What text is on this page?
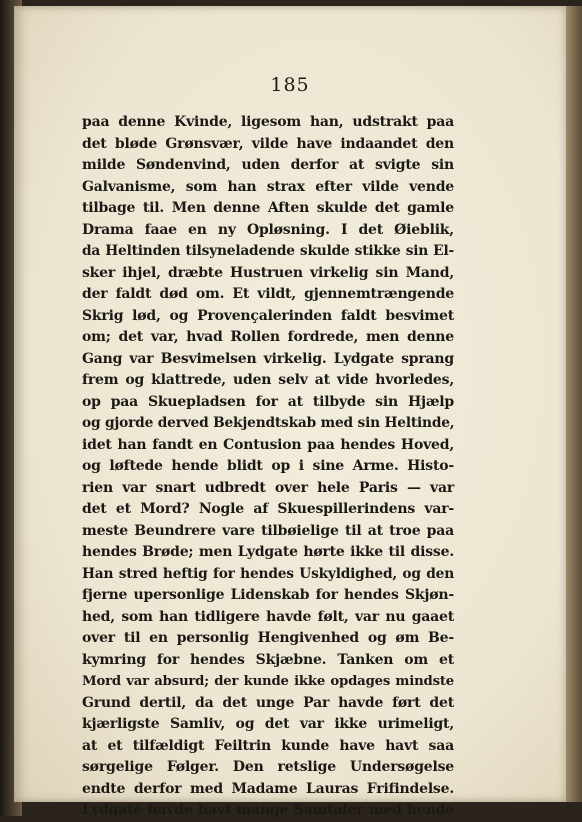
185
paa denne Kvinde, ligesom han, udstrakt paa
det bløde Grønsvær, vilde have indaandet den
milde Søndenvind, uden derfor at svigte sin
Galvanisme, som han strax efter vilde vende
tilbage til. Men denne Aften skulde det gamle
Drama faae en ny Opløsning. I det Øieblik,
da Heltinden tilsyneladende skulde stikke sin El-
sker ihjel, dræbte Hustruen virkelig sin Mand,
der faldt død om. Et vildt, gjennemtrængende
Skrig lød, og Provençalerinden faldt besvimet
om; det var, hvad Rollen fordrede, men denne
Gang var Besvimelsen virkelig. Lydgate sprang
frem og klattrede, uden selv at vide hvorledes,
op paa Skuepladsen for at tilbyde sin Hjælp
og gjorde derved Bekjendtskab med sin Heltinde,
idet han fandt en Contusion paa hendes Hoved,
og løftede hende blidt op i sine Arme. Histo-
rien var snart udbredt over hele Paris — var
det et Mord? Nogle af Skuespillerindens var-
meste Beundrere vare tilbøielige til at troe paa
hendes Brøde; men Lydgate hørte ikke til disse.
Han stred heftig for hendes Uskyldighed, og den
fjerne upersonlige Lidenskab for hendes Skjøn-
hed, som han tidligere havde følt, var nu gaaet
over til en personlig Hengivenhed og øm Be-
kymring for hendes Skjæbne. Tanken om et
Mord var absurd; der kunde ikke opdages mindste
Grund dertil, da det unge Par havde ført det
kjærligste Samliv, og det var ikke urimeligt,
at et tilfældigt Feiltrin kunde have havt saa
sørgelige Følger. Den retslige Undersøgelse
endte derfor med Madame Lauras Frifindelse.
Lydgate havde havt mange Samtaler med hende
